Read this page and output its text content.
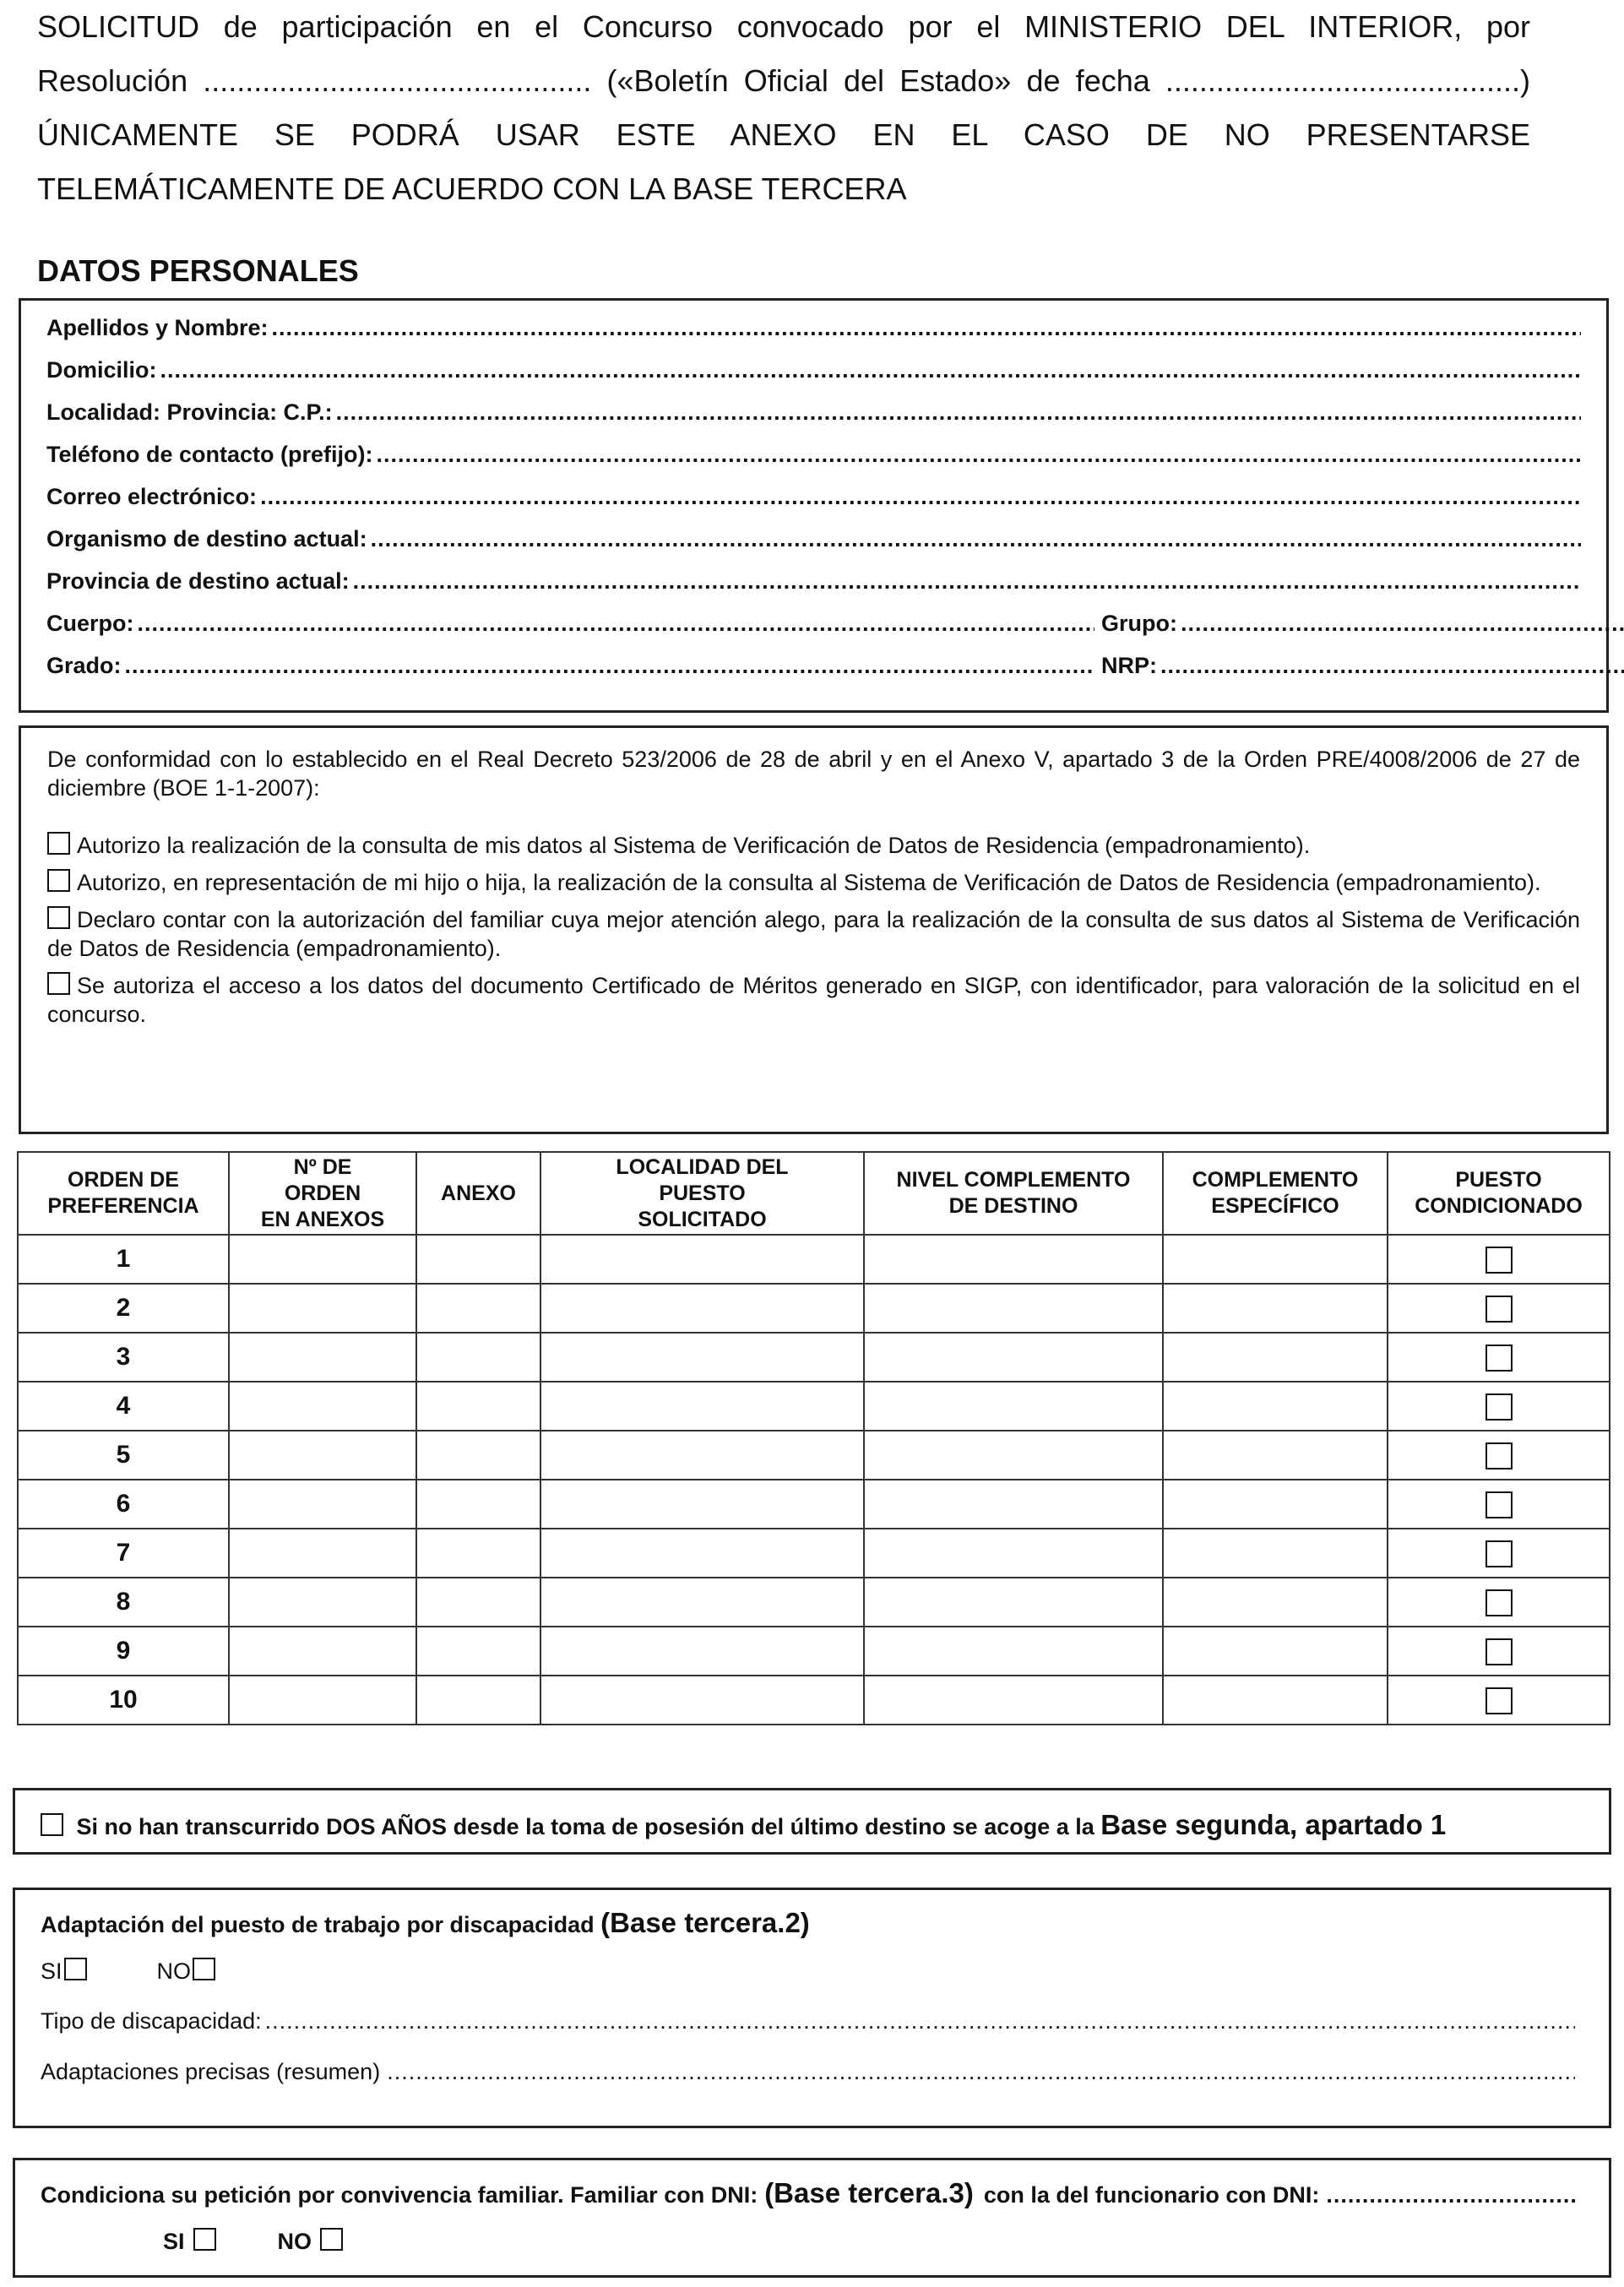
SOLICITUD de participación en el Concurso convocado por el MINISTERIO DEL INTERIOR, por

Resolución .............................................. («Boletín Oficial del Estado» de fecha ..........................................)

ÚNICAMENTE SE PODRÁ USAR ESTE ANEXO EN EL CASO DE NO PRESENTARSE

TELEMÁTICAMENTE DE ACUERDO CON LA BASE TERCERA

DATOS PERSONALES
Apellidos y Nombre:
.....
Domicilio:
.....
Localidad: Provincia: C.P.:
.....
Teléfono de contacto (prefijo):
.....
Correo electrónico:
.....
Organismo de destino actual:
.....
Provincia de destino actual:
.....
Cuerpo: .....	Grupo:
.....
Grado: .....	NRP:
.....

De conformidad con lo establecido en el Real Decreto 523/2006 de 28 de abril y en el Anexo V, apartado 3 de la Orden PRE/4008/2006 de 27 de diciembre (BOE 1-1-2007):

Autorizo la realización de la consulta de mis datos al Sistema de Verificación de Datos de Residencia (empadronamiento).
Autorizo, en representación de mi hijo o hija, la realización de la consulta al Sistema de Verificación de Datos de Residencia (empadronamiento).
Declaro contar con la autorización del familiar cuya mejor atención alego, para la realización de la consulta de sus datos al Sistema de Verificación de Datos de Residencia (empadronamiento).
Se autoriza el acceso a los datos del documento Certificado de Méritos generado en SIGP, con identificador, para valoración de la solicitud en el concurso.
ORDEN DE
PREFERENCIA	Nº DE
ORDEN
EN ANEXOS	ANEXO	LOCALIDAD DEL
PUESTO
SOLICITADO	NIVEL COMPLEMENTO
DE DESTINO	COMPLEMENTO
ESPECÍFICO	PUESTO
CONDICIONADO
1						
2						
3						
4						
5						
6						
7						
8						
9						
10						
Si no han transcurrido DOS AÑOS desde la toma de posesión del último destino se acoge a la Base segunda, apartado 1
Adaptación del puesto de trabajo por discapacidad (Base tercera.2)
SI	NO
Tipo de discapacidad:
.....
Adaptaciones precisas (resumen)
.....
Condiciona su petición por convivencia familiar. Familiar con DNI: (Base tercera.3) con la del funcionario con DNI:
.....
SI	NO
